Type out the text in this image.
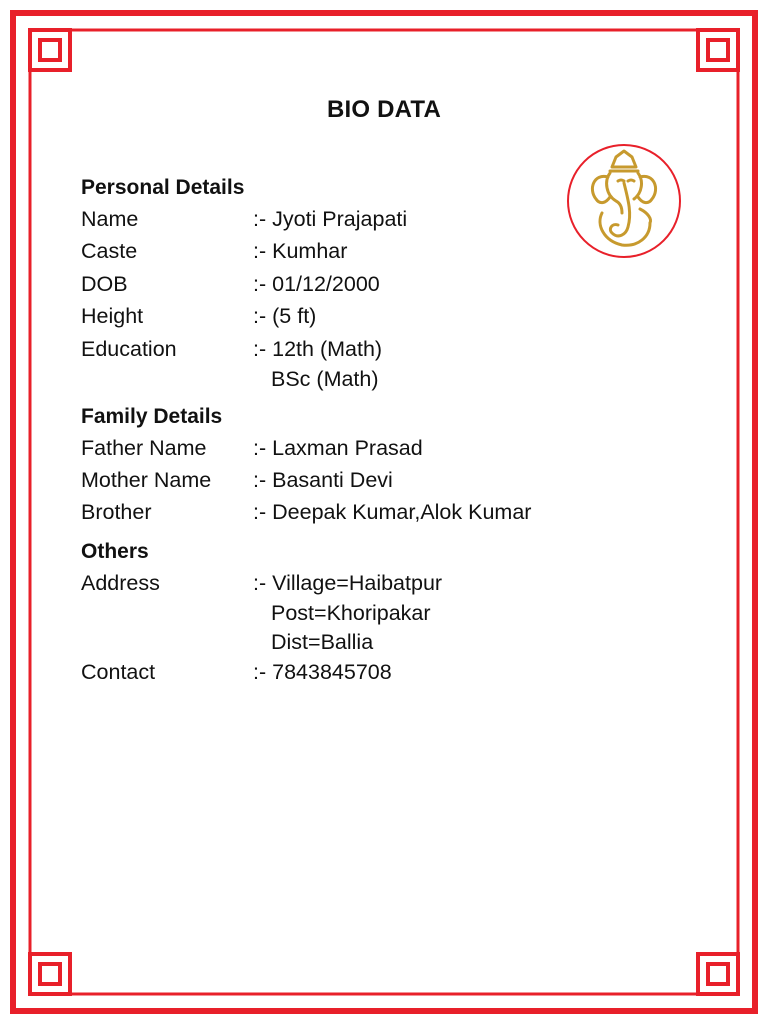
BIO DATA
Personal Details
Name	:- Jyoti Prajapati
Caste	:- Kumhar
DOB	:- 01/12/2000
Height	:- (5 ft)
Education	:- 12th (Math)
BSc (Math)
Family Details
Father Name	:- Laxman Prasad
Mother Name	:- Basanti Devi
Brother	:- Deepak Kumar,Alok Kumar
Others
Address	:- Village=Haibatpur
Post=Khoripakar
Dist=Ballia
Contact	:- 7843845708
